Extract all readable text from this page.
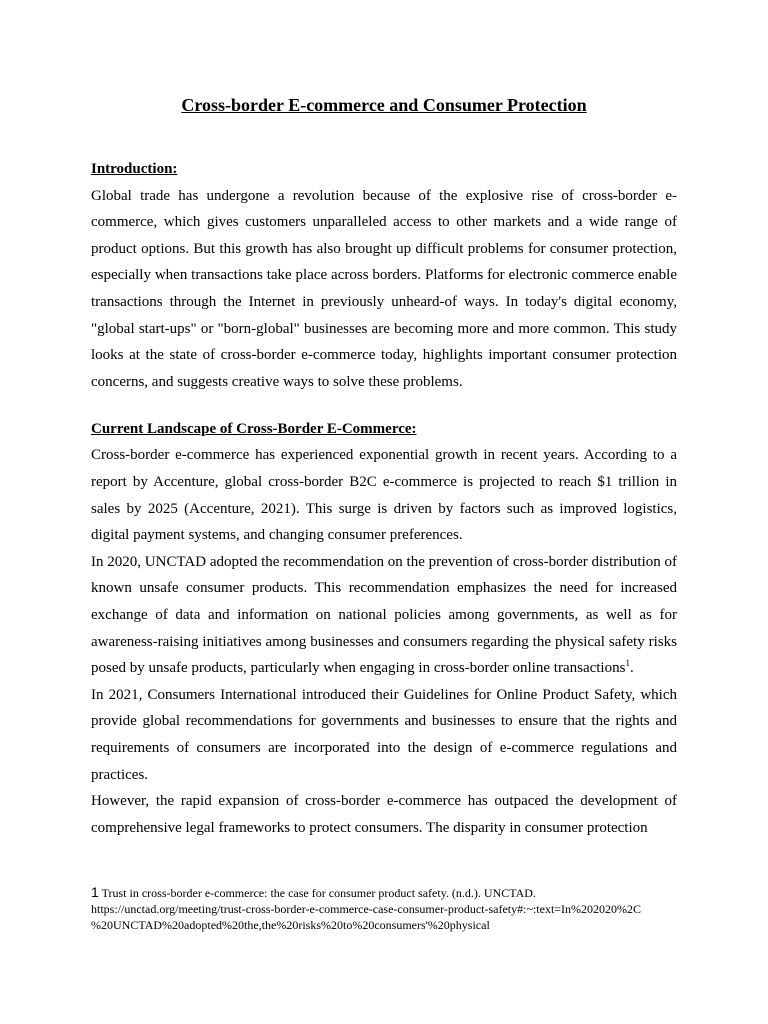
Cross-border E-commerce and Consumer Protection
Introduction:

Global trade has undergone a revolution because of the explosive rise of cross-border e-commerce, which gives customers unparalleled access to other markets and a wide range of product options. But this growth has also brought up difficult problems for consumer protection, especially when transactions take place across borders. Platforms for electronic commerce enable transactions through the Internet in previously unheard-of ways. In today's digital economy, "global start-ups" or "born-global" businesses are becoming more and more common. This study looks at the state of cross-border e-commerce today, highlights important consumer protection concerns, and suggests creative ways to solve these problems.

Current Landscape of Cross-Border E-Commerce:

Cross-border e-commerce has experienced exponential growth in recent years. According to a report by Accenture, global cross-border B2C e-commerce is projected to reach $1 trillion in sales by 2025 (Accenture, 2021). This surge is driven by factors such as improved logistics, digital payment systems, and changing consumer preferences.

In 2020, UNCTAD adopted the recommendation on the prevention of cross-border distribution of known unsafe consumer products. This recommendation emphasizes the need for increased exchange of data and information on national policies among governments, as well as for awareness-raising initiatives among businesses and consumers regarding the physical safety risks posed by unsafe products, particularly when engaging in cross-border online transactions$^1$.

In 2021, Consumers International introduced their Guidelines for Online Product Safety, which provide global recommendations for governments and businesses to ensure that the rights and requirements of consumers are incorporated into the design of e-commerce regulations and practices.

However, the rapid expansion of cross-border e-commerce has outpaced the development of comprehensive legal frameworks to protect consumers. The disparity in consumer protection

1 Trust in cross-border e-commerce: the case for consumer product safety. (n.d.). UNCTAD.
https://unctad.org/meeting/trust-cross-border-e-commerce-case-consumer-product-safety#:~:text=In%202020%2C
%20UNCTAD%20adopted%20the,the%20risks%20to%20consumers'%20physical
